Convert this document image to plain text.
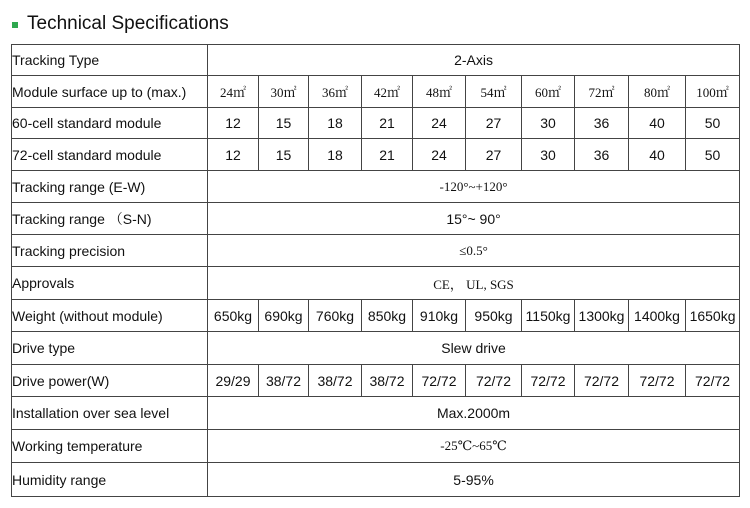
Technical Specifications
Tracking Type	2-Axis									
Module surface up to (max.)	24㎡	30㎡	36㎡	42㎡	48㎡	54㎡	60㎡	72㎡	80㎡	100㎡
60-cell standard module	12	15	18	21	24	27	30	36	40	50
72-cell standard module	12	15	18	21	24	27	30	36	40	50
Tracking range (E-W)	-120°~+120°									
Tracking range （S-N)	15°~ 90°									
Tracking precision	≤0.5°									
Approvals	CE， UL, SGS									
Weight (without module)	650kg	690kg	760kg	850kg	910kg	950kg	1150kg	1300kg	1400kg	1650kg
Drive type	Slew drive									
Drive power(W)	29/29	38/72	38/72	38/72	72/72	72/72	72/72	72/72	72/72	72/72
Installation over sea level	Max.2000m									
Working temperature	-25℃~65℃									
Humidity range	5-95%									
